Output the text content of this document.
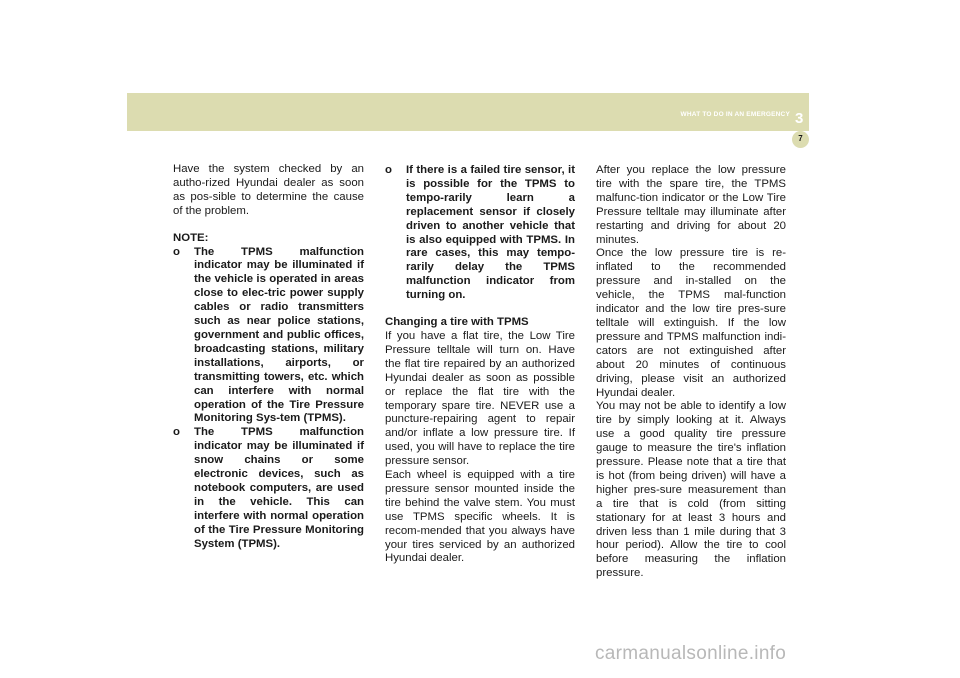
WHAT TO DO IN AN EMERGENCY 3
7

Have the system checked by an autho-rized Hyundai dealer as soon as pos-sible to determine the cause of the problem.

NOTE:

o The TPMS malfunction indicator may be illuminated if the vehicle is operated in areas close to elec-tric power supply cables or radio transmitters such as near police stations, government and public offices, broadcasting stations, military installations, airports, or transmitting towers, etc. which can interfere with normal operation of the Tire Pressure Monitoring Sys-tem (TPMS).
o The TPMS malfunction indicator may be illuminated if snow chains or some electronic devices, such as notebook computers, are used in the vehicle. This can interfere with normal operation of the Tire Pressure Monitoring System (TPMS).
o If there is a failed tire sensor, it is possible for the TPMS to tempo-rarily learn a replacement sensor if closely driven to another vehicle that is also equipped with TPMS. In rare cases, this may tempo-rarily delay the TPMS malfunction indicator from turning on.

Changing a tire with TPMS

If you have a flat tire, the Low Tire Pressure telltale will turn on. Have the flat tire repaired by an authorized Hyundai dealer as soon as possible or replace the flat tire with the temporary spare tire. NEVER use a puncture-repairing agent to repair and/or inflate a low pressure tire. If used, you will have to replace the tire pressure sensor.

Each wheel is equipped with a tire pressure sensor mounted inside the tire behind the valve stem. You must use TPMS specific wheels. It is recom-mended that you always have your tires serviced by an authorized Hyundai dealer.

After you replace the low pressure tire with the spare tire, the TPMS malfunc-tion indicator or the Low Tire Pressure telltale may illuminate after restarting and driving for about 20 minutes.

Once the low pressure tire is re-inflated to the recommended pressure and in-stalled on the vehicle, the TPMS mal-function indicator and the low tire pres-sure telltale will extinguish. If the low pressure and TPMS malfunction indi-cators are not extinguished after about 20 minutes of continuous driving, please visit an authorized Hyundai dealer.

You may not be able to identify a low tire by simply looking at it. Always use a good quality tire pressure gauge to measure the tire's inflation pressure. Please note that a tire that is hot (from being driven) will have a higher pres-sure measurement than a tire that is cold (from sitting stationary for at least 3 hours and driven less than 1 mile during that 3 hour period). Allow the tire to cool before measuring the inflation pressure.

carmanualsonline.info
